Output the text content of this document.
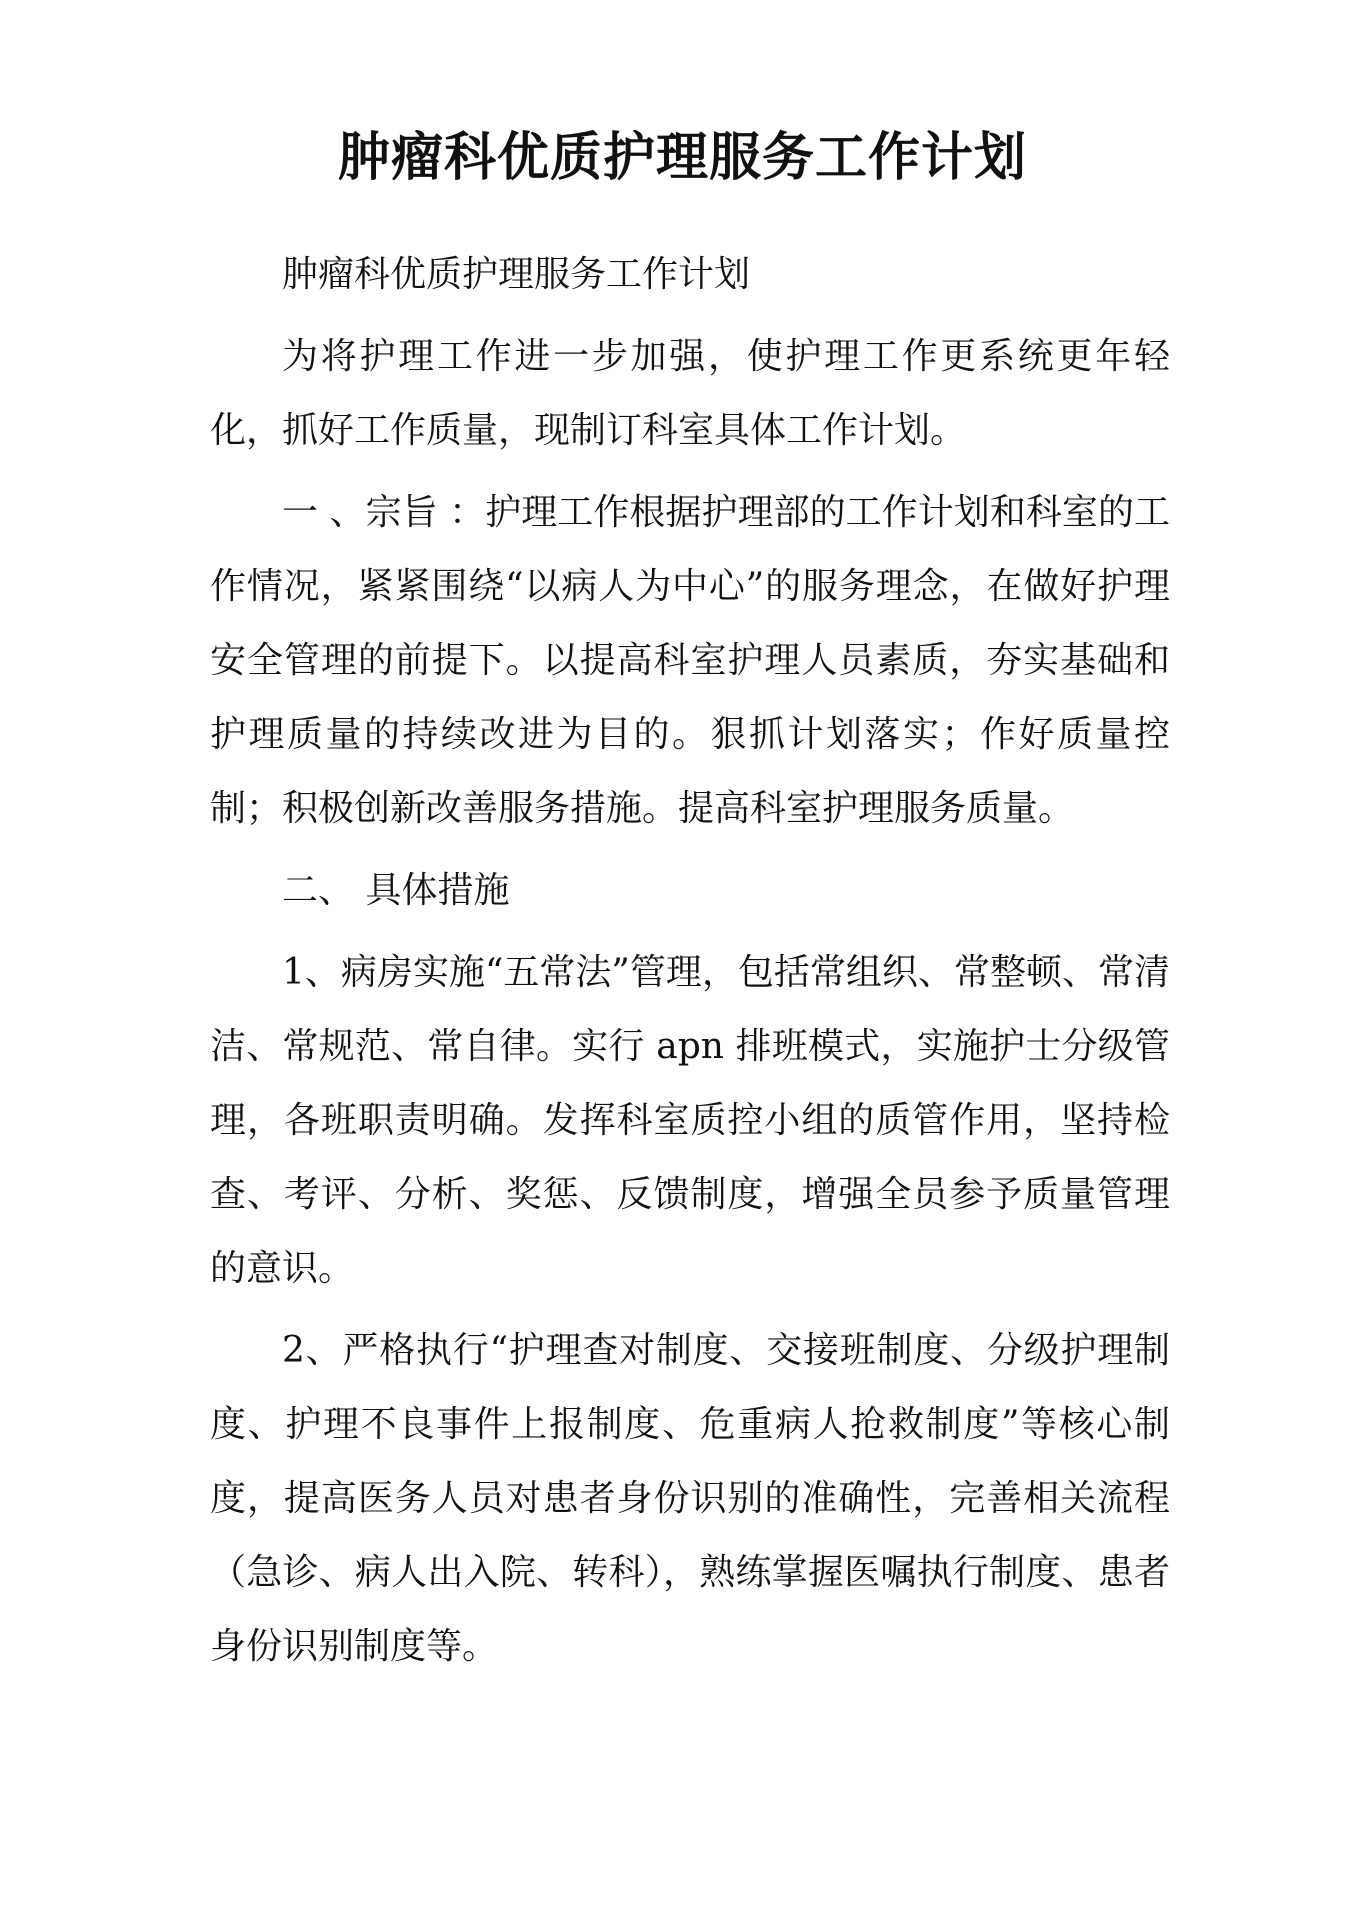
肿瘤科优质护理服务工作计划

肿瘤科优质护理服务工作计划

为将护理工作进一步加强，使护理工作更系统更年轻化，抓好工作质量，现制订科室具体工作计划。

一 、宗旨 ：护理工作根据护理部的工作计划和科室的工作情况，紧紧围绕“以病人为中心”的服务理念，在做好护理安全管理的前提下。以提高科室护理人员素质，夯实基础和护理质量的持续改进为目的。狠抓计划落实；作好质量控制；积极创新改善服务措施。提高科室护理服务质量。

二、 具体措施

1、病房实施“五常法”管理，包括常组织、常整顿、常清洁、常规范、常自律。实行 apn 排班模式，实施护士分级管理，各班职责明确。发挥科室质控小组的质管作用，坚持检查、考评、分析、奖惩、反馈制度，增强全员参予质量管理的意识。

2、严格执行“护理查对制度、交接班制度、分级护理制度、护理不良事件上报制度、危重病人抢救制度”等核心制度，提高医务人员对患者身份识别的准确性，完善相关流程（急诊、病人出入院、转科），熟练掌握医嘱执行制度、患者身份识别制度等。
